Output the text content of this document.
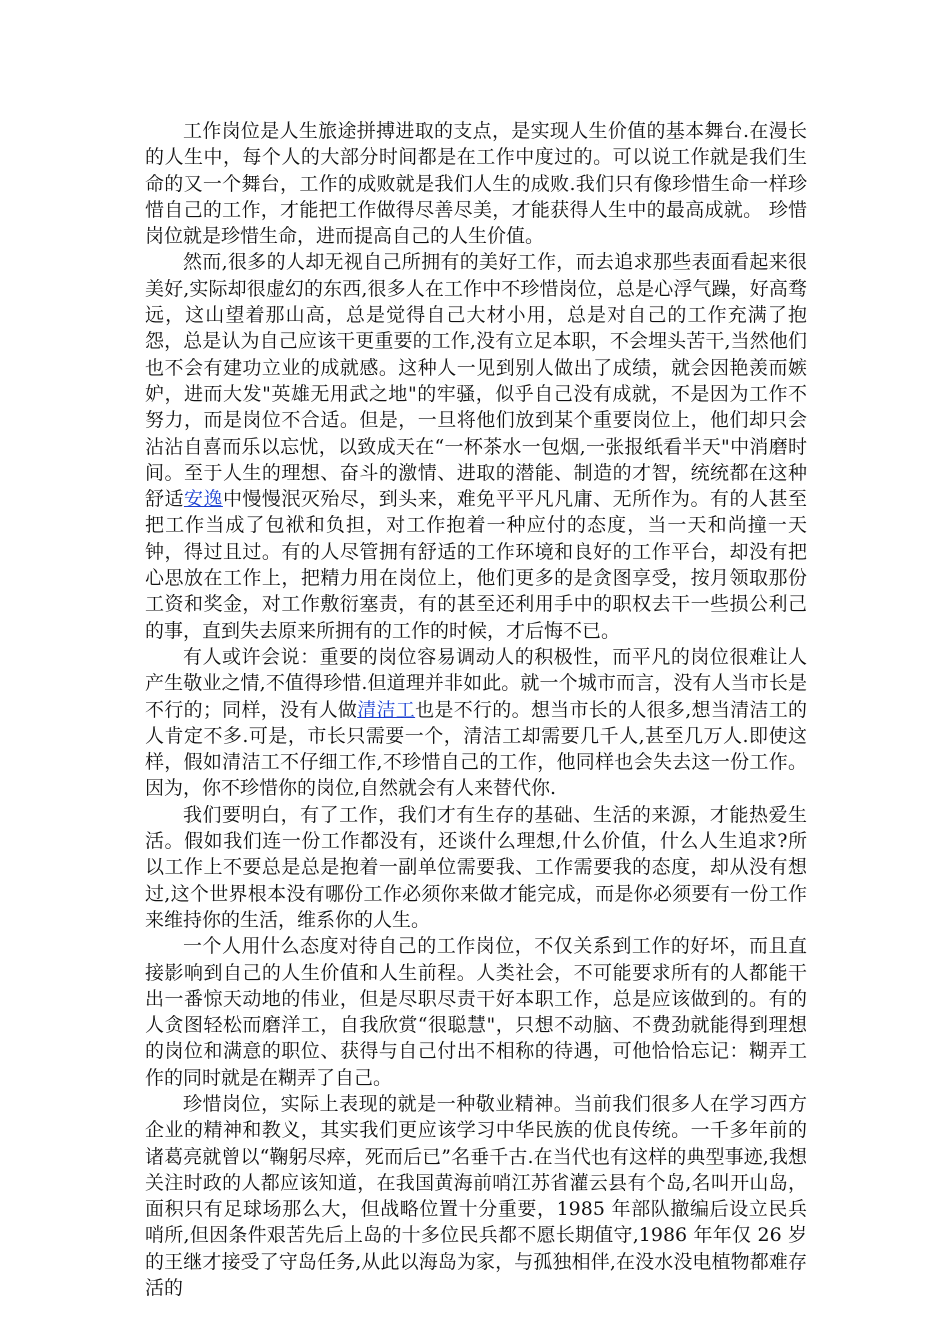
工作岗位是人生旅途拼搏进取的支点，是实现人生价值的基本舞台.在漫长的人生中，每个人的大部分时间都是在工作中度过的。可以说工作就是我们生命的又一个舞台，工作的成败就是我们人生的成败.我们只有像珍惜生命一样珍惜自己的工作，才能把工作做得尽善尽美，才能获得人生中的最高成就。 珍惜岗位就是珍惜生命，进而提高自己的人生价值。

然而,很多的人却无视自己所拥有的美好工作，而去追求那些表面看起来很美好,实际却很虚幻的东西,很多人在工作中不珍惜岗位，总是心浮气躁，好高骛远，这山望着那山高，总是觉得自己大材小用，总是对自己的工作充满了抱怨，总是认为自己应该干更重要的工作,没有立足本职，不会埋头苦干,当然他们也不会有建功立业的成就感。这种人一见到别人做出了成绩，就会因艳羡而嫉妒，进而大发"英雄无用武之地"的牢骚，似乎自己没有成就，不是因为工作不努力，而是岗位不合适。但是，一旦将他们放到某个重要岗位上，他们却只会沾沾自喜而乐以忘忧，以致成天在“一杯茶水一包烟,一张报纸看半天"中消磨时间。至于人生的理想、奋斗的激情、进取的潜能、制造的才智，统统都在这种舒适安逸中慢慢泯灭殆尽，到头来，难免平平凡凡庸、无所作为。有的人甚至把工作当成了包袱和负担，对工作抱着一种应付的态度，当一天和尚撞一天钟，得过且过。有的人尽管拥有舒适的工作环境和良好的工作平台，却没有把心思放在工作上，把精力用在岗位上，他们更多的是贪图享受，按月领取那份工资和奖金，对工作敷衍塞责，有的甚至还利用手中的职权去干一些损公利己的事，直到失去原来所拥有的工作的时候，才后悔不已。

有人或许会说：重要的岗位容易调动人的积极性，而平凡的岗位很难让人产生敬业之情,不值得珍惜.但道理并非如此。就一个城市而言，没有人当市长是不行的；同样，没有人做清洁工也是不行的。想当市长的人很多,想当清洁工的人肯定不多.可是，市长只需要一个，清洁工却需要几千人,甚至几万人.即使这样，假如清洁工不仔细工作,不珍惜自己的工作，他同样也会失去这一份工作。因为，你不珍惜你的岗位,自然就会有人来替代你.

我们要明白，有了工作，我们才有生存的基础、生活的来源，才能热爱生活。假如我们连一份工作都没有，还谈什么理想,什么价值，什么人生追求?所以工作上不要总是总是抱着一副单位需要我、工作需要我的态度，却从没有想过,这个世界根本没有哪份工作必须你来做才能完成，而是你必须要有一份工作来维持你的生活，维系你的人生。

一个人用什么态度对待自己的工作岗位，不仅关系到工作的好坏，而且直接影响到自己的人生价值和人生前程。人类社会，不可能要求所有的人都能干出一番惊天动地的伟业，但是尽职尽责干好本职工作，总是应该做到的。有的人贪图轻松而磨洋工，自我欣赏“很聪慧"，只想不动脑、不费劲就能得到理想的岗位和满意的职位、获得与自己付出不相称的待遇，可他恰恰忘记：糊弄工作的同时就是在糊弄了自己。

珍惜岗位，实际上表现的就是一种敬业精神。当前我们很多人在学习西方企业的精神和教义，其实我们更应该学习中华民族的优良传统。一千多年前的诸葛亮就曾以“鞠躬尽瘁，死而后已”名垂千古.在当代也有这样的典型事迹,我想关注时政的人都应该知道，在我国黄海前哨江苏省灌云县有个岛,名叫开山岛，面积只有足球场那么大，但战略位置十分重要，1985 年部队撤编后设立民兵哨所,但因条件艰苦先后上岛的十多位民兵都不愿长期值守,1986 年年仅 26 岁的王继才接受了守岛任务,从此以海岛为家，与孤独相伴,在没水没电植物都难存活的
